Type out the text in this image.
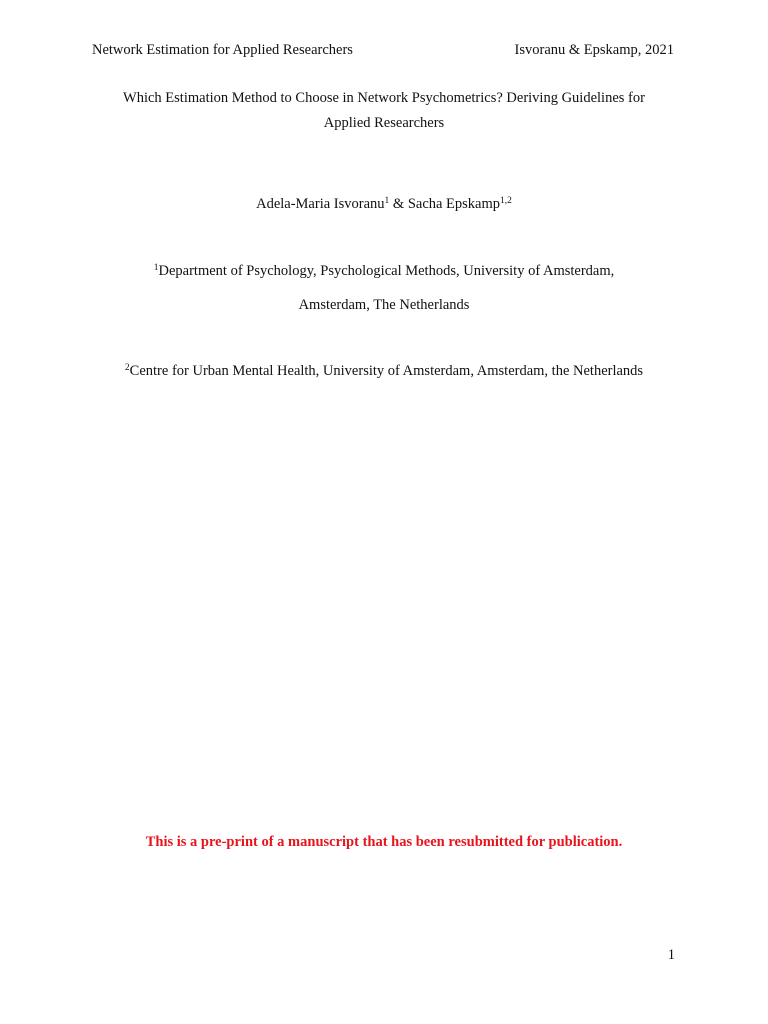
Network Estimation for Applied Researchers	Isvoranu & Epskamp, 2021
Which Estimation Method to Choose in Network Psychometrics? Deriving Guidelines for
Applied Researchers
Adela-Maria Isvoranu$^1$ & Sacha Epskamp$^{1,2}$
$^1$Department of Psychology, Psychological Methods, University of Amsterdam,
Amsterdam, The Netherlands
$^2$Centre for Urban Mental Health, University of Amsterdam, Amsterdam, the Netherlands
This is a pre-print of a manuscript that has been resubmitted for publication.
1
